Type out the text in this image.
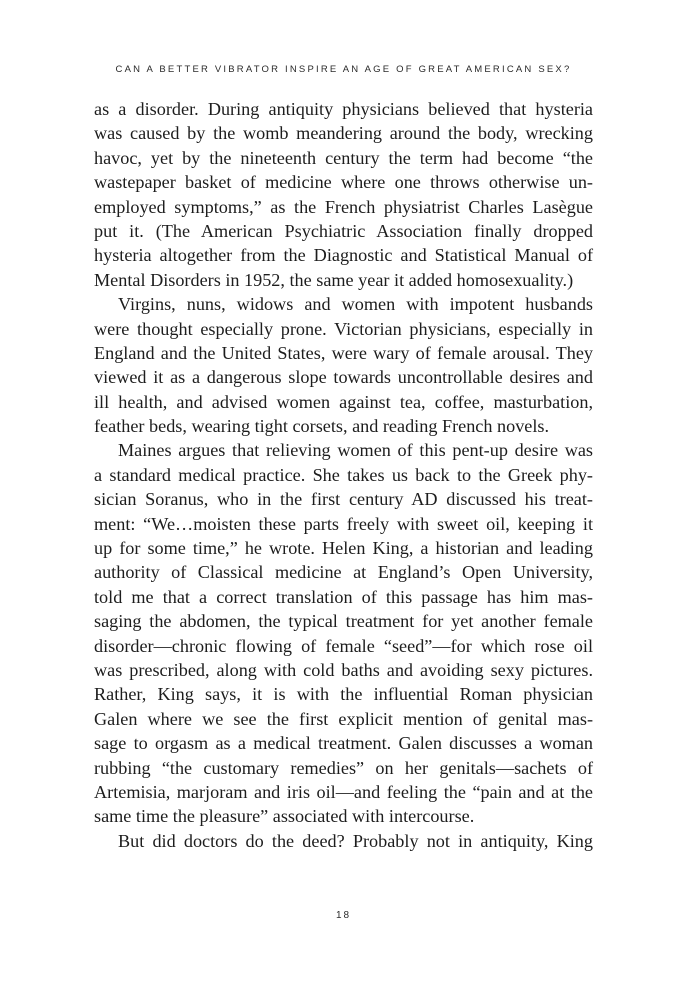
CAN A BETTER VIBRATOR INSPIRE AN AGE OF GREAT AMERICAN SEX?
as a disorder. During antiquity physicians believed that hysteria
was caused by the womb meandering around the body, wrecking
havoc, yet by the nineteenth century the term had become “the
wastepaper basket of medicine where one throws otherwise un-
employed symptoms,” as the French physiatrist Charles Lasègue
put it. (The American Psychiatric Association finally dropped
hysteria altogether from the Diagnostic and Statistical Manual of
Mental Disorders in 1952, the same year it added homosexuality.)
Virgins, nuns, widows and women with impotent husbands
were thought especially prone. Victorian physicians, especially in
England and the United States, were wary of female arousal. They
viewed it as a dangerous slope towards uncontrollable desires and
ill health, and advised women against tea, coffee, masturbation,
feather beds, wearing tight corsets, and reading French novels.
Maines argues that relieving women of this pent-up desire was
a standard medical practice. She takes us back to the Greek phy-
sician Soranus, who in the first century AD discussed his treat-
ment: “We…moisten these parts freely with sweet oil, keeping it
up for some time,” he wrote. Helen King, a historian and leading
authority of Classical medicine at England’s Open University,
told me that a correct translation of this passage has him mas-
saging the abdomen, the typical treatment for yet another female
disorder—chronic flowing of female “seed”—for which rose oil
was prescribed, along with cold baths and avoiding sexy pictures.
Rather, King says, it is with the influential Roman physician
Galen where we see the first explicit mention of genital mas-
sage to orgasm as a medical treatment. Galen discusses a woman
rubbing “the customary remedies” on her genitals—sachets of
Artemisia, marjoram and iris oil—and feeling the “pain and at the
same time the pleasure” associated with intercourse.
But did doctors do the deed? Probably not in antiquity, King
18
